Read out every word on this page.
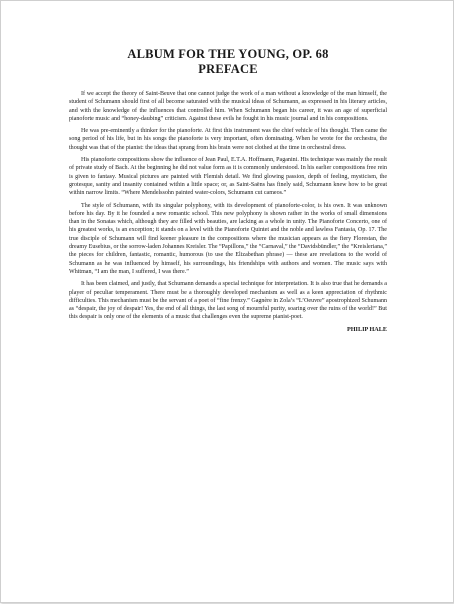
ALBUM FOR THE YOUNG, OP. 68
PREFACE

If we accept the theory of Saint-Beuve that one cannot judge the work of a man without a knowledge of the man himself, the student of Schumann should first of all become saturated with the musical ideas of Schumann, as expressed in his literary articles, and with the knowledge of the influences that controlled him. When Schumann began his career, it was an age of superficial pianoforte music and “honey-daubing” criticism. Against these evils he fought in his music journal and in his compositions.

He was pre-eminently a thinker for the pianoforte. At first this instrument was the chief vehicle of his thought. Then came the song period of his life, but in his songs the pianoforte is very important, often dominating. When he wrote for the orchestra, the thought was that of the pianist: the ideas that sprang from his brain were not clothed at the time in orchestral dress.

His pianoforte compositions show the influence of Jean Paul, E.T.A. Hoffmann, Paganini. His technique was mainly the result of private study of Bach. At the beginning he did not value form as it is commonly understood. In his earlier compositions free rein is given to fantasy. Musical pictures are painted with Flemish detail. We find glowing passion, depth of feeling, mysticism, the grotesque, sanity and insanity contained within a little space; or, as Saint-Saëns has finely said, Schumann knew how to be great within narrow limits. “Where Mendelssohn painted water-colors, Schumann cut cameos.”

The style of Schumann, with its singular polyphony, with its development of pianoforte-color, is his own. It was unknown before his day. By it he founded a new romantic school. This new polyphony is shown rather in the works of small dimensions than in the Sonatas which, although they are filled with beauties, are lacking as a whole in unity. The Pianoforte Concerto, one of his greatest works, is an exception; it stands on a level with the Pianoforte Quintet and the noble and lawless Fantasia, Op. 17. The true disciple of Schumann will find keener pleasure in the compositions where the musician appears as the fiery Florestan, the dreamy Eusebius, or the sorrow-laden Johannes Kreisler. The “Papillons,” the “Carnaval,” the “Davidsbündler,” the “Kreisleriana,” the pieces for children, fantastic, romantic, humorous (to use the Elizabethan phrase) — these are revelations to the world of Schumann as he was influenced by himself, his surroundings, his friendships with authors and women. The music says with Whitman, “I am the man, I suffered, I was there.”

It has been claimed, and justly, that Schumann demands a special technique for interpretation. It is also true that he demands a player of peculiar temperament. There must be a thoroughly developed mechanism as well as a keen appreciation of rhythmic difficulties. This mechanism must be the servant of a poet of “fine frenzy.” Gagnère in Zola’s “L’Oeuvre” apostrophized Schumann as “despair, the joy of despair! Yes, the end of all things, the last song of mournful purity, soaring over the ruins of the world!” But this despair is only one of the elements of a music that challenges even the supreme pianist-poet.

PHILIP HALE
